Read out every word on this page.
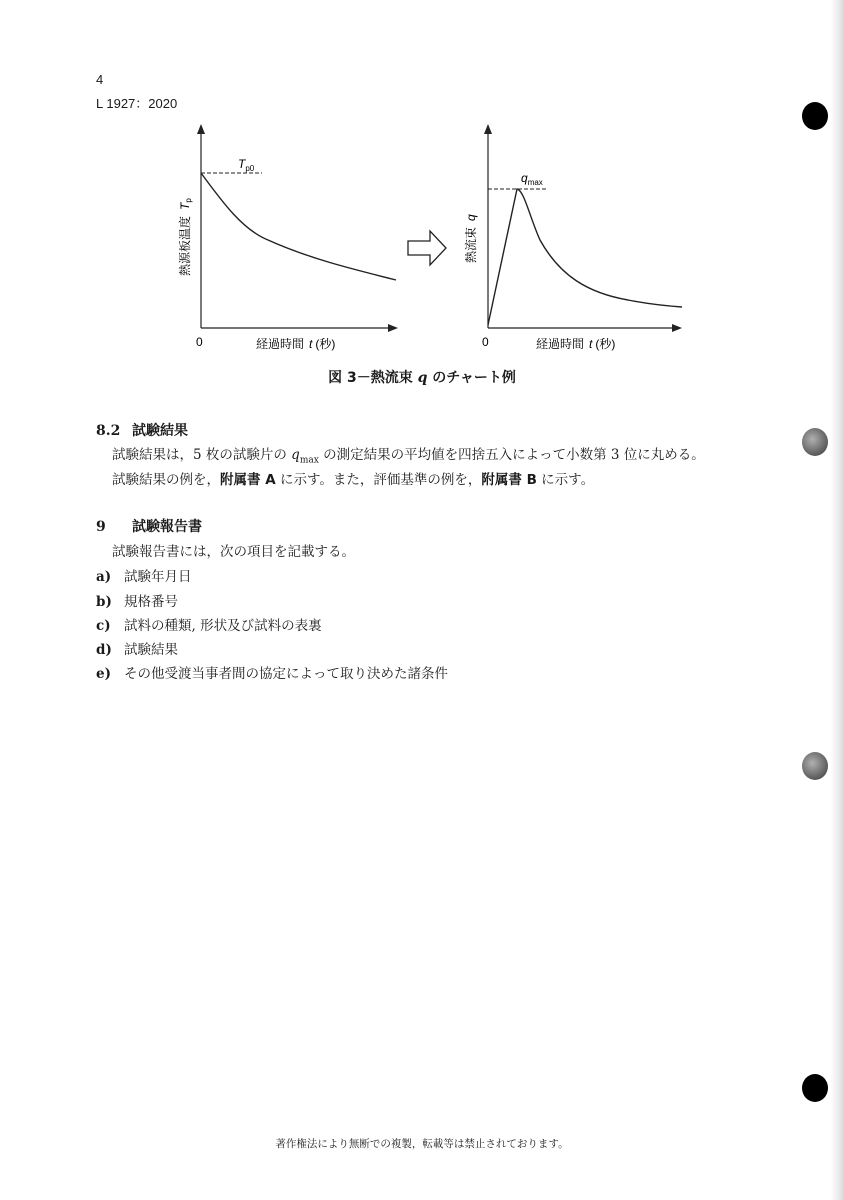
4
L 1927：2020
$T_{p0}$
熱源板温度Tp
0	経過時間 t (秒)
$q_{max}$
熱流束q
0	経過時間 t (秒)
図 3－熱流束 q のチャート例
8.2 試験結果
試験結果は，5 枚の試験片の $q_{max}$ の測定結果の平均値を四捨五入によって小数第 3 位に丸める。
試験結果の例を，附属書 A に示す。また，評価基準の例を，附属書 B に示す。
9 試験報告書
試験報告書には，次の項目を記載する。
a) 試験年月日
b) 規格番号
c) 試料の種類, 形状及び試料の表裏
d) 試験結果
e) その他受渡当事者間の協定によって取り決めた諸条件
著作権法により無断での複製，転載等は禁止されております。
